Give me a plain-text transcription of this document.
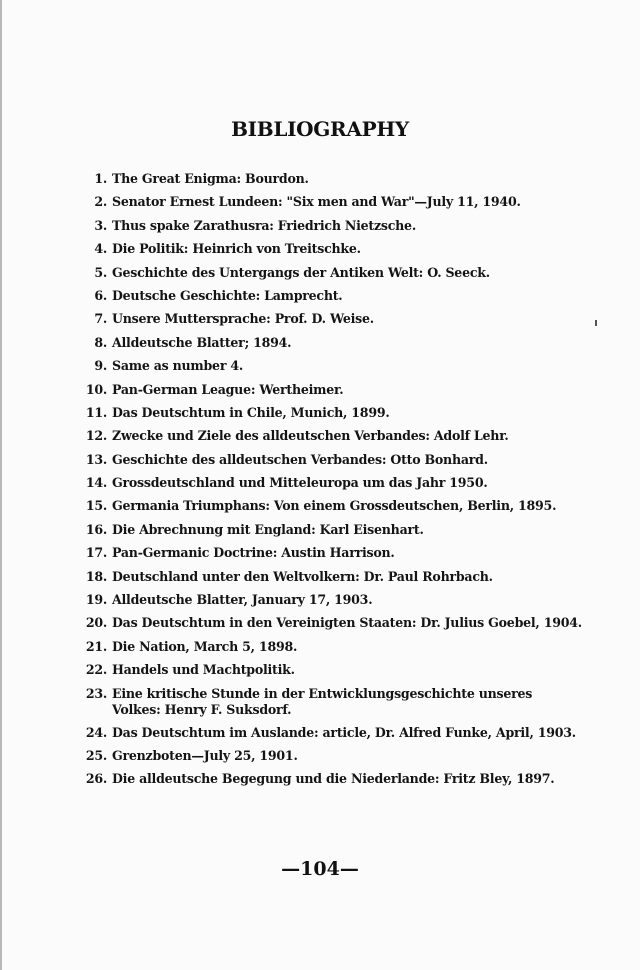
BIBLIOGRAPHY
1. The Great Enigma: Bourdon.
2. Senator Ernest Lundeen: "Six men and War"—July 11, 1940.
3. Thus spake Zarathusra: Friedrich Nietzsche.
4. Die Politik: Heinrich von Treitschke.
5. Geschichte des Untergangs der Antiken Welt: O. Seeck.
6. Deutsche Geschichte: Lamprecht.
7. Unsere Muttersprache: Prof. D. Weise.
8. Alldeutsche Blatter; 1894.
9. Same as number 4.
10. Pan-German League: Wertheimer.
11. Das Deutschtum in Chile, Munich, 1899.
12. Zwecke und Ziele des alldeutschen Verbandes: Adolf Lehr.
13. Geschichte des alldeutschen Verbandes: Otto Bonhard.
14. Grossdeutschland und Mitteleuropa um das Jahr 1950.
15. Germania Triumphans: Von einem Grossdeutschen, Berlin, 1895.
16. Die Abrechnung mit England: Karl Eisenhart.
17. Pan-Germanic Doctrine: Austin Harrison.
18. Deutschland unter den Weltvolkern: Dr. Paul Rohrbach.
19. Alldeutsche Blatter, January 17, 1903.
20. Das Deutschtum in den Vereinigten Staaten: Dr. Julius Goebel, 1904.
21. Die Nation, March 5, 1898.
22. Handels und Machtpolitik.
23. Eine kritische Stunde in der Entwicklungsgeschichte unseres Volkes: Henry F. Suksdorf.
24. Das Deutschtum im Auslande: article, Dr. Alfred Funke, April, 1903.
25. Grenzboten—July 25, 1901.
26. Die alldeutsche Begegung und die Niederlande: Fritz Bley, 1897.
—104—
